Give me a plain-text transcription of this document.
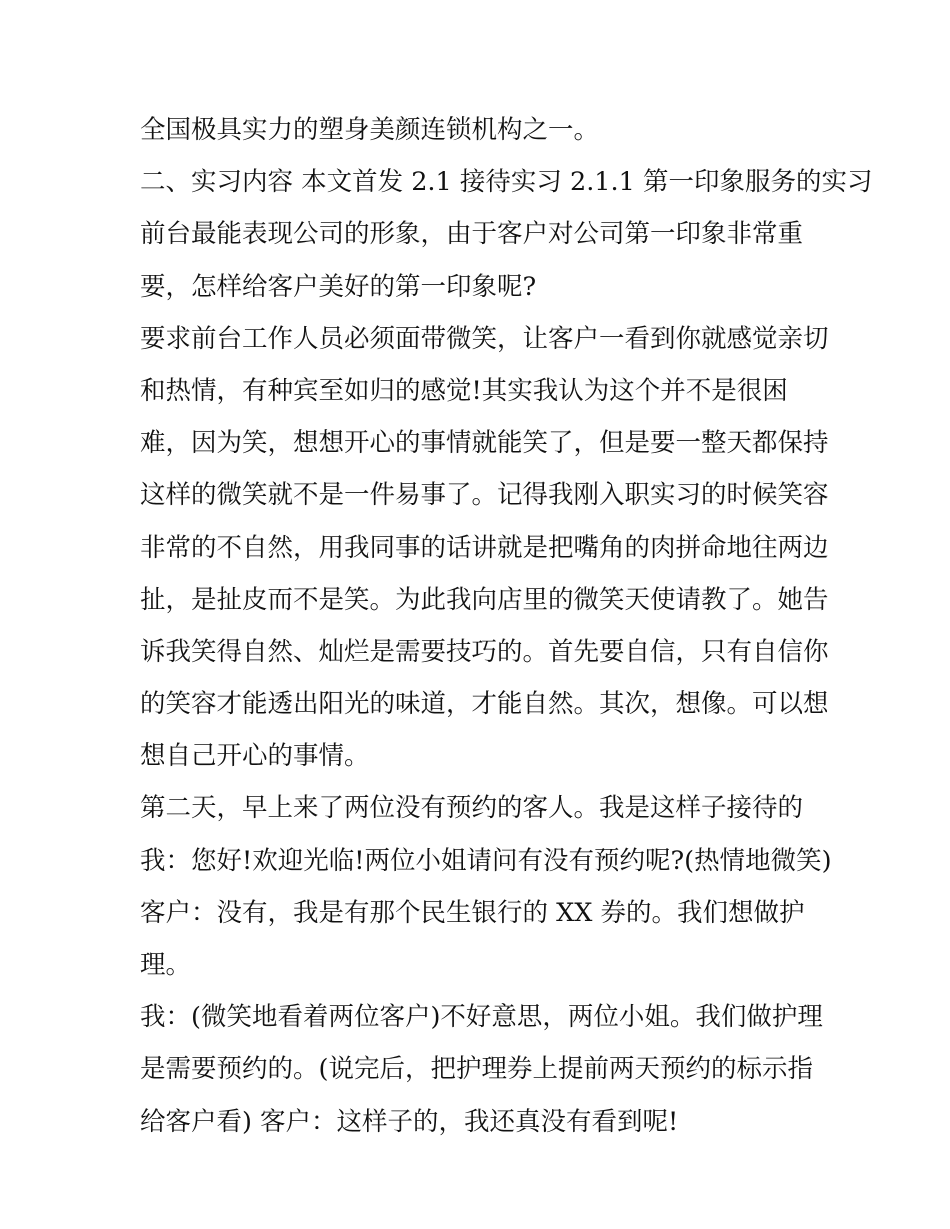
全国极具实力的塑身美颜连锁机构之一。
二、实习内容 本文首发 2.1 接待实习 2.1.1 第一印象服务的实习
前台最能表现公司的形象，由于客户对公司第一印象非常重
要，怎样给客户美好的第一印象呢?
要求前台工作人员必须面带微笑，让客户一看到你就感觉亲切
和热情，有种宾至如归的感觉!其实我认为这个并不是很困
难，因为笑，想想开心的事情就能笑了，但是要一整天都保持
这样的微笑就不是一件易事了。记得我刚入职实习的时候笑容
非常的不自然，用我同事的话讲就是把嘴角的肉拼命地往两边
扯，是扯皮而不是笑。为此我向店里的微笑天使请教了。她告
诉我笑得自然、灿烂是需要技巧的。首先要自信，只有自信你
的笑容才能透出阳光的味道，才能自然。其次，想像。可以想
想自己开心的事情。
第二天，早上来了两位没有预约的客人。我是这样子接待的
我：您好!欢迎光临!两位小姐请问有没有预约呢?(热情地微笑)
客户：没有，我是有那个民生银行的 XX 券的。我们想做护
理。
我：(微笑地看着两位客户)不好意思，两位小姐。我们做护理
是需要预约的。(说完后，把护理券上提前两天预约的标示指
给客户看) 客户：这样子的，我还真没有看到呢!
